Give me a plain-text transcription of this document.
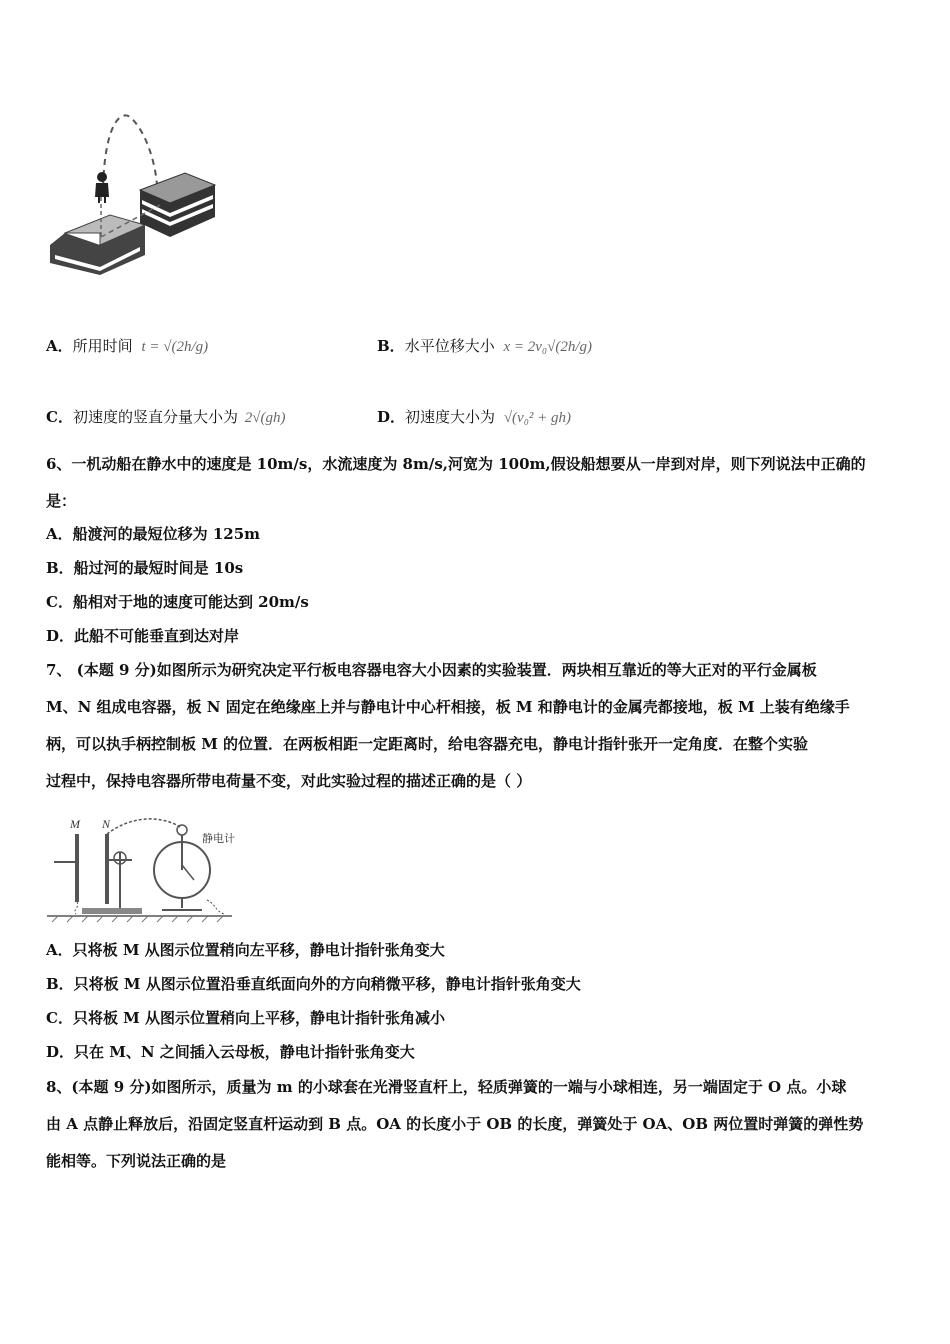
A．所用时间 t = √(2h/g)	B．水平位移大小 x = 2v₀√(2h/g)
C．初速度的竖直分量大小为 2√(gh)	D．初速度大小为 √(v₀² + gh)
6、一机动船在静水中的速度是 10m/s，水流速度为 8m/s,河宽为 100m,假设船想要从一岸到对岸，则下列说法中正确的
是：
A．船渡河的最短位移为 125m
B．船过河的最短时间是 10s
C．船相对于地的速度可能达到 20m/s
D．此船不可能垂直到达对岸
7、 (本题 9 分)如图所示为研究决定平行板电容器电容大小因素的实验装置．两块相互靠近的等大正对的平行金属板
M、N 组成电容器，板 N 固定在绝缘座上并与静电计中心杆相接，板 M 和静电计的金属壳都接地，板 M 上装有绝缘手
柄，可以执手柄控制板 M 的位置．在两板相距一定距离时，给电容器充电，静电计指针张开一定角度．在整个实验
过程中，保持电容器所带电荷量不变，对此实验过程的描述正确的是（ ）
M N
静电计
A．只将板 M 从图示位置稍向左平移，静电计指针张角变大
B．只将板 M 从图示位置沿垂直纸面向外的方向稍微平移，静电计指针张角变大
C．只将板 M 从图示位置稍向上平移，静电计指针张角减小
D．只在 M、N 之间插入云母板，静电计指针张角变大
8、(本题 9 分)如图所示，质量为 m 的小球套在光滑竖直杆上，轻质弹簧的一端与小球相连，另一端固定于 O 点。小球
由 A 点静止释放后，沿固定竖直杆运动到 B 点。OA 的长度小于 OB 的长度，弹簧处于 OA、OB 两位置时弹簧的弹性势
能相等。下列说法正确的是
